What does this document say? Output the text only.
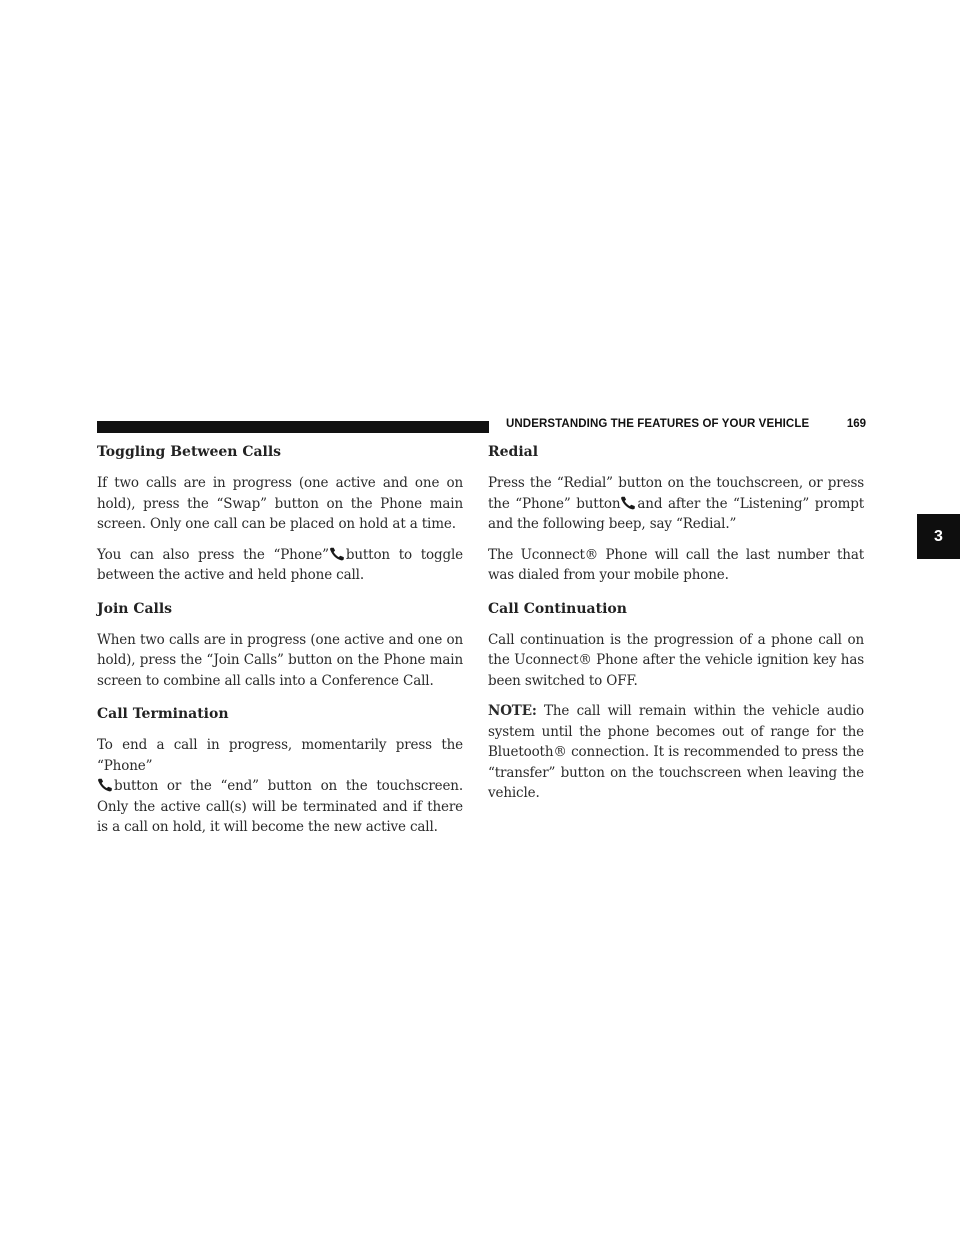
UNDERSTANDING THE FEATURES OF YOUR VEHICLE	169
3
Toggling Between Calls

If two calls are in progress (one active and one on hold), press the “Swap” button on the Phone main screen. Only one call can be placed on hold at a time.

You can also press the “Phone” button to toggle between the active and held phone call.

Join Calls

When two calls are in progress (one active and one on hold), press the “Join Calls” button on the Phone main screen to combine all calls into a Conference Call.

Call Termination

To end a call in progress, momentarily press the “Phone”
button or the “end” button on the touchscreen. Only the active call(s) will be terminated and if there is a call on hold, it will become the new active call.

Redial

Press the “Redial” button on the touchscreen, or press the “Phone” button and after the “Listening” prompt and the following beep, say “Redial.”

The Uconnect® Phone will call the last number that was dialed from your mobile phone.

Call Continuation

Call continuation is the progression of a phone call on the Uconnect® Phone after the vehicle ignition key has been switched to OFF.

NOTE: The call will remain within the vehicle audio system until the phone becomes out of range for the Bluetooth® connection. It is recommended to press the “transfer” button on the touchscreen when leaving the vehicle.
